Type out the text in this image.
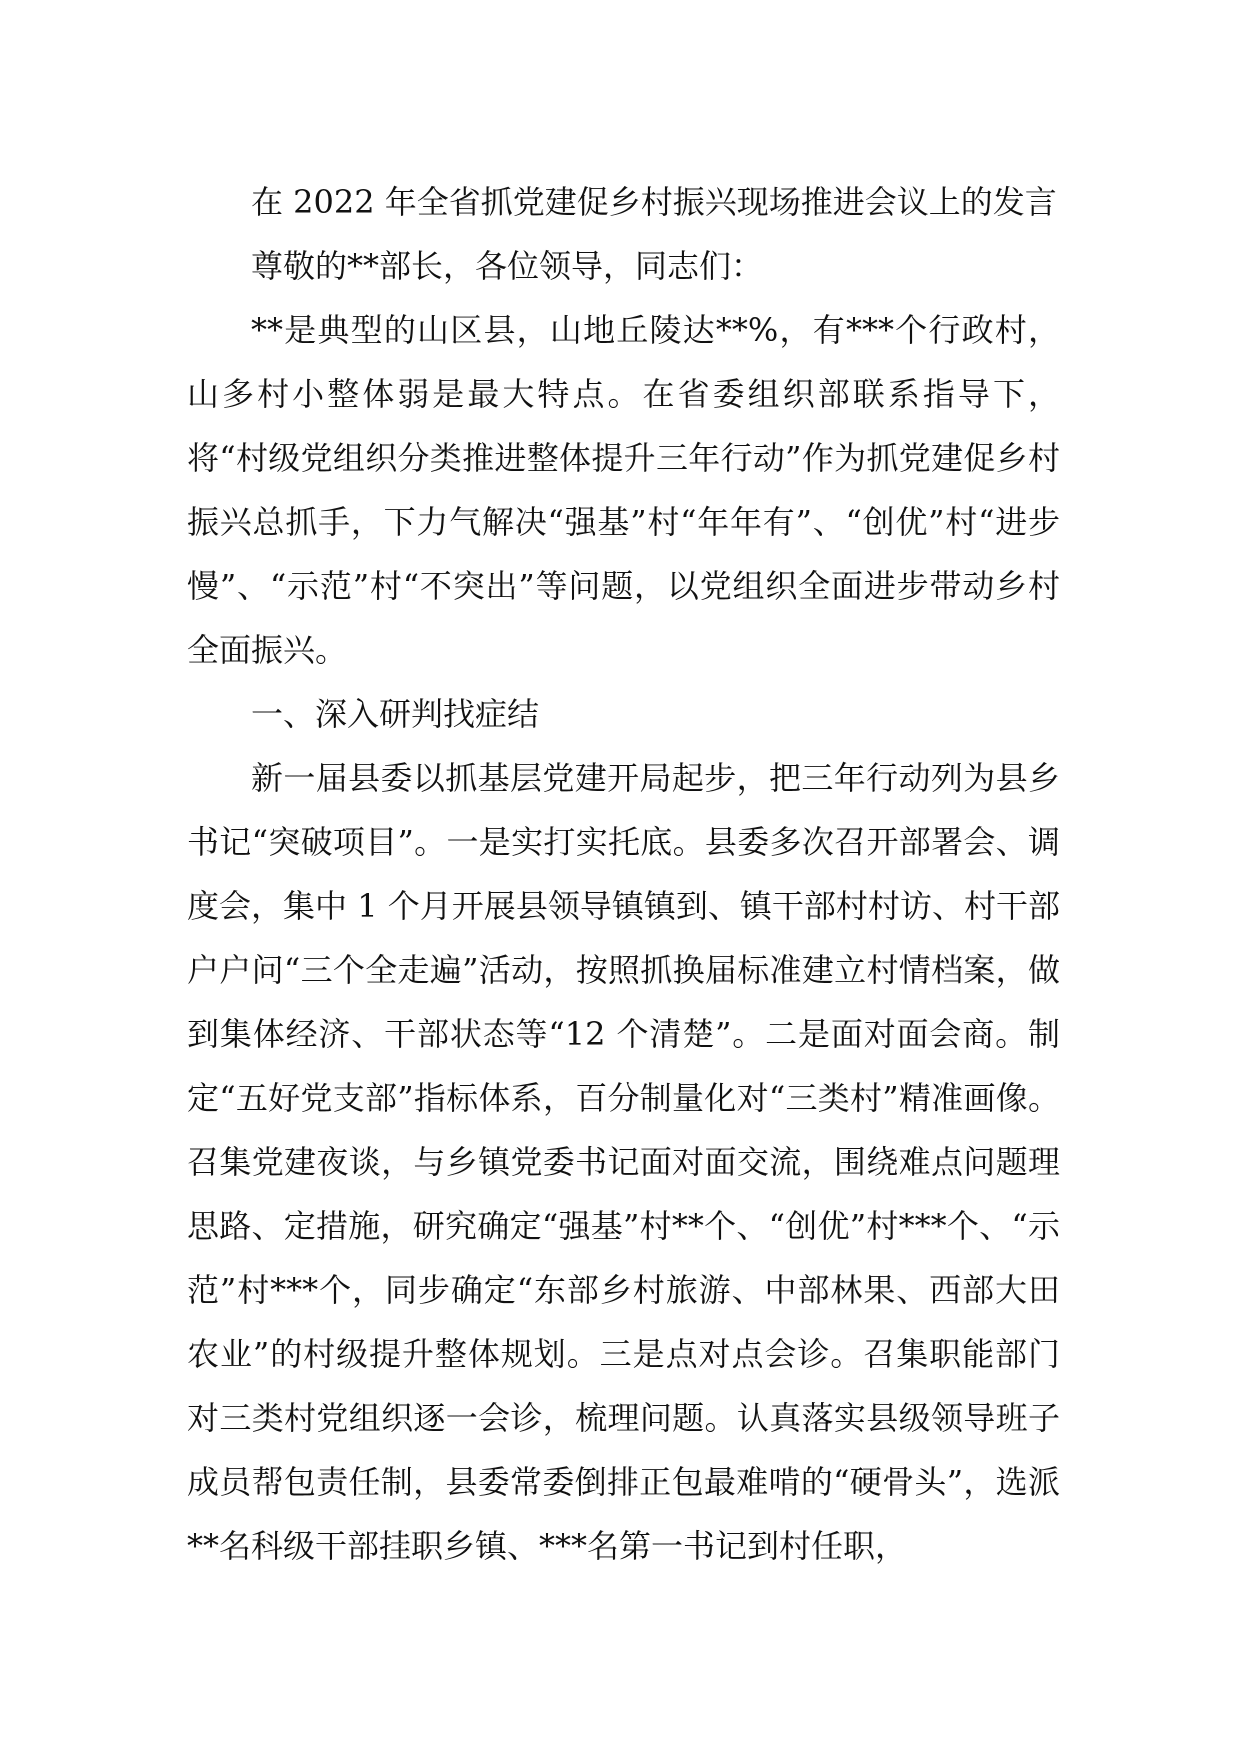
在 2022 年全省抓党建促乡村振兴现场推进会议上的发言

尊敬的**部长，各位领导，同志们：

**是典型的山区县，山地丘陵达**%，有***个行政村，山多村小整体弱是最大特点。在省委组织部联系指导下，将“村级党组织分类推进整体提升三年行动”作为抓党建促乡村振兴总抓手，下力气解决“强基”村“年年有”、“创优”村“进步慢”、“示范”村“不突出”等问题，以党组织全面进步带动乡村全面振兴。

一、深入研判找症结

新一届县委以抓基层党建开局起步，把三年行动列为县乡书记“突破项目”。一是实打实托底。县委多次召开部署会、调度会，集中 1 个月开展县领导镇镇到、镇干部村村访、村干部户户问“三个全走遍”活动，按照抓换届标准建立村情档案，做到集体经济、干部状态等“12 个清楚”。二是面对面会商。制定“五好党支部”指标体系，百分制量化对“三类村”精准画像。召集党建夜谈，与乡镇党委书记面对面交流，围绕难点问题理思路、定措施，研究确定“强基”村**个、“创优”村***个、“示范”村***个，同步确定“东部乡村旅游、中部林果、西部大田农业”的村级提升整体规划。三是点对点会诊。召集职能部门对三类村党组织逐一会诊，梳理问题。认真落实县级领导班子成员帮包责任制，县委常委倒排正包最难啃的“硬骨头”，选派**名科级干部挂职乡镇、***名第一书记到村任职，
